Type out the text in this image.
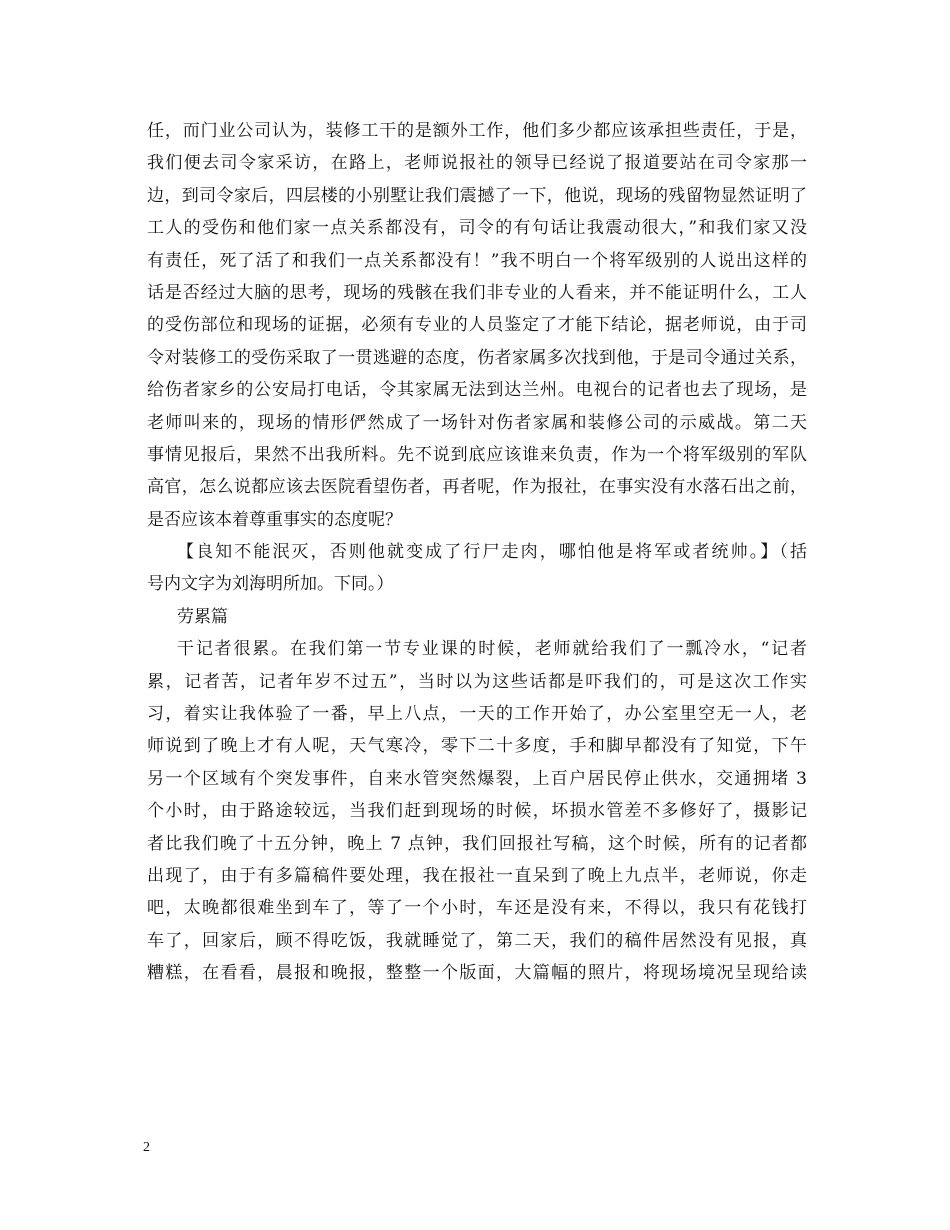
任，而门业公司认为，装修工干的是额外工作，他们多少都应该承担些责任，于是，
我们便去司令家采访，在路上，老师说报社的领导已经说了报道要站在司令家那一
边，到司令家后，四层楼的小别墅让我们震撼了一下，他说，现场的残留物显然证明了
工人的受伤和他们家一点关系都没有，司令的有句话让我震动很大，”和我们家又没
有责任，死了活了和我们一点关系都没有！”我不明白一个将军级别的人说出这样的
话是否经过大脑的思考，现场的残骸在我们非专业的人看来，并不能证明什么，工人
的受伤部位和现场的证据，必须有专业的人员鉴定了才能下结论，据老师说，由于司
令对装修工的受伤采取了一贯逃避的态度，伤者家属多次找到他，于是司令通过关系，
给伤者家乡的公安局打电话，令其家属无法到达兰州。电视台的记者也去了现场，是
老师叫来的，现场的情形俨然成了一场针对伤者家属和装修公司的示威战。第二天
事情见报后，果然不出我所料。先不说到底应该谁来负责，作为一个将军级别的军队
高官，怎么说都应该去医院看望伤者，再者呢，作为报社，在事实没有水落石出之前，
是否应该本着尊重事实的态度呢？
【良知不能泯灭，否则他就变成了行尸走肉，哪怕他是将军或者统帅。】（括
号内文字为刘海明所加。下同。）
劳累篇
干记者很累。在我们第一节专业课的时候，老师就给我们了一瓢冷水，“记者
累，记者苦，记者年岁不过五”，当时以为这些话都是吓我们的，可是这次工作实
习，着实让我体验了一番，早上八点，一天的工作开始了，办公室里空无一人，老
师说到了晚上才有人呢，天气寒冷，零下二十多度，手和脚早都没有了知觉，下午
另一个区域有个突发事件，自来水管突然爆裂，上百户居民停止供水，交通拥堵 3
个小时，由于路途较远，当我们赶到现场的时候，坏损水管差不多修好了，摄影记
者比我们晚了十五分钟，晚上 7 点钟，我们回报社写稿，这个时候，所有的记者都
出现了，由于有多篇稿件要处理，我在报社一直呆到了晚上九点半，老师说，你走
吧，太晚都很难坐到车了，等了一个小时，车还是没有来，不得以，我只有花钱打
车了，回家后，顾不得吃饭，我就睡觉了，第二天，我们的稿件居然没有见报，真
糟糕，在看看，晨报和晚报，整整一个版面，大篇幅的照片，将现场境况呈现给读
2
